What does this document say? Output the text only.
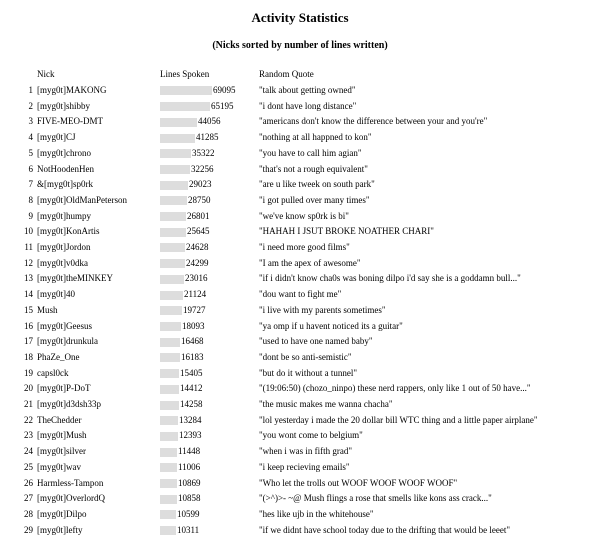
Activity Statistics
(Nicks sorted by number of lines written)
	Nick	Lines Spoken	Random Quote
1	[myg0t]MAKONG	69095	"talk about getting owned"
2	[myg0t]shibby	65195	"i dont have long distance"
3	FIVE-MEO-DMT	44056	"americans don't know the difference between your and you're"
4	[myg0t]CJ	41285	"nothing at all happned to kon"
5	[myg0t]chrono	35322	"you have to call him agian"
6	NotHoodenHen	32256	"that's not a rough equivalent"
7	&[myg0t]sp0rk	29023	"are u like tweek on south park"
8	[myg0t]OldManPeterson	28750	"i got pulled over many times"
9	[myg0t]humpy	26801	"we've know sp0rk is bi"
10	[myg0t]KonArtis	25645	"HAHAH I JSUT BROKE NOATHER CHARI"
11	[myg0t]Jordon	24628	"i need more good films"
12	[myg0t]v0dka	24299	"I am the apex of awesome"
13	[myg0t]theMINKEY	23016	"if i didn't know cha0s was boning dilpo i'd say she is a goddamn bull..."
14	[myg0t]40	21124	"dou want to fight me"
15	Mush	19727	"i live with my parents sometimes"
16	[myg0t]Geesus	18093	"ya omp if u havent noticed its a guitar"
17	[myg0t]drunkula	16468	"used to have one named baby"
18	PhaZe_One	16183	"dont be so anti-semistic"
19	capsl0ck	15405	"but do it without a tunnel"
20	[myg0t]P-DoT	14412	"(19:06:50) (chozo_ninpo) these nerd rappers, only like 1 out of 50 have..."
21	[myg0t]d3dsh33p	14258	"the music makes me wanna chacha"
22	TheChedder	13284	"lol yesterday i made the 20 dollar bill WTC thing and a little paper airplane"
23	[myg0t]Mush	12393	"you wont come to belgium"
24	[myg0t]silver	11448	"when i was in fifth grad"
25	[myg0t]wav	11006	"i keep recieving emails"
26	Harmless-Tampon	10869	"Who let the trolls out WOOF WOOF WOOF WOOF"
27	[myg0t]OverlordQ	10858	"(>^)>- ~@ Mush flings a rose that smells like kons ass crack..."
28	[myg0t]Dilpo	10599	"hes like ujb in the whitehouse"
29	[myg0t]lefty	10311	"if we didnt have school today due to the drifting that would be leeet"
